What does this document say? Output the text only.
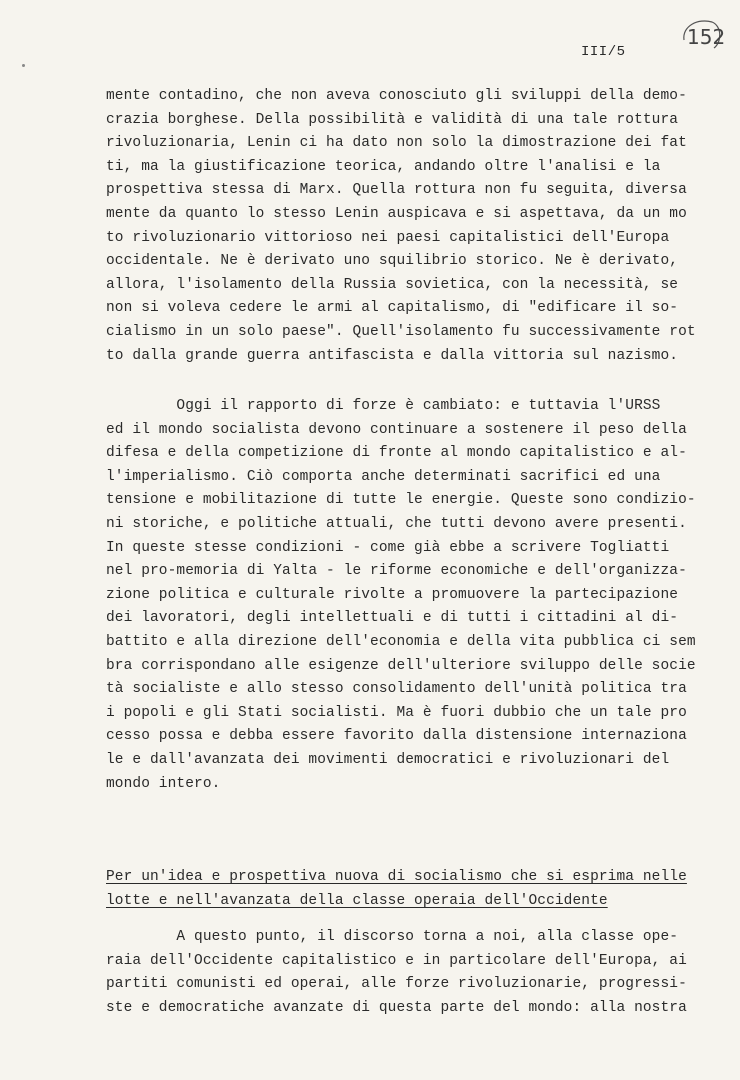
152
III/5
mente contadino, che non aveva conosciuto gli sviluppi della demo-
crazia borghese. Della possibilità e validità di una tale rottura
rivoluzionaria, Lenin ci ha dato non solo la dimostrazione dei fat
ti, ma la giustificazione teorica, andando oltre l'analisi e la
prospettiva stessa di Marx. Quella rottura non fu seguita, diversa
mente da quanto lo stesso Lenin auspicava e si aspettava, da un mo
to rivoluzionario vittorioso nei paesi capitalistici dell'Europa
occidentale. Ne è derivato uno squilibrio storico. Ne è derivato,
allora, l'isolamento della Russia sovietica, con la necessità, se
non si voleva cedere le armi al capitalismo, di "edificare il so-
cialismo in un solo paese". Quell'isolamento fu successivamente rot
to dalla grande guerra antifascista e dalla vittoria sul nazismo.
Oggi il rapporto di forze è cambiato: e tuttavia l'URSS
ed il mondo socialista devono continuare a sostenere il peso della
difesa e della competizione di fronte al mondo capitalistico e al-
l'imperialismo. Ciò comporta anche determinati sacrifici ed una
tensione e mobilitazione di tutte le energie. Queste sono condizio-
ni storiche, e politiche attuali, che tutti devono avere presenti.
In queste stesse condizioni - come già ebbe a scrivere Togliatti
nel pro-memoria di Yalta - le riforme economiche e dell'organizza-
zione politica e culturale rivolte a promuovere la partecipazione
dei lavoratori, degli intellettuali e di tutti i cittadini al di-
battito e alla direzione dell'economia e della vita pubblica ci sem
bra corrispondano alle esigenze dell'ulteriore sviluppo delle socie
tà socialiste e allo stesso consolidamento dell'unità politica tra
i popoli e gli Stati socialisti. Ma è fuori dubbio che un tale pro
cesso possa e debba essere favorito dalla distensione internaziona
le e dall'avanzata dei movimenti democratici e rivoluzionari del
mondo intero.
Per un'idea e prospettiva nuova di socialismo che si esprima nelle
lotte e nell'avanzata della classe operaia dell'Occidente
A questo punto, il discorso torna a noi, alla classe ope-
raia dell'Occidente capitalistico e in particolare dell'Europa, ai
partiti comunisti ed operai, alle forze rivoluzionarie, progressi-
ste e democratiche avanzate di questa parte del mondo: alla nostra
